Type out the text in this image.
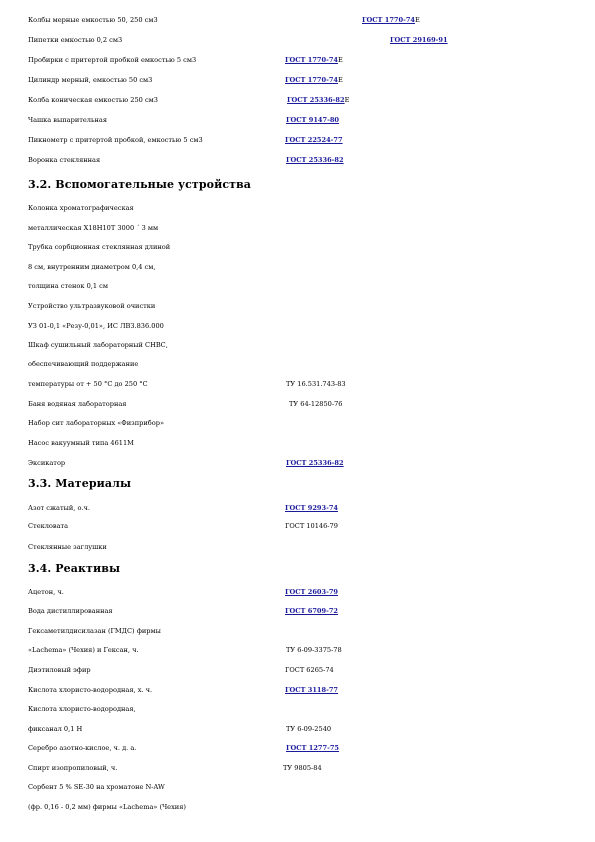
Колбы мерные емкостью 50, 250 см3	ГОСТ 1770-74Е
Пипетки емкостью 0,2 см3	ГОСТ 29169-91
Пробирки с притертой пробкой емкостью 5 см3	ГОСТ 1770-74Е
Цилиндр мерный, емкостью 50 см3	ГОСТ 1770-74Е
Колба коническая емкостью 250 см3	ГОСТ 25336-82Е
Чашка выпарительная	ГОСТ 9147-80
Пикнометр с притертой пробкой, емкостью 5 см3	ГОСТ 22524-77
Воронка стеклянная	ГОСТ 25336-82
3.2. Вспомогательные устройства
Колонка хроматографическая
металлическая Х18Н10Т 3000 ´ 3 мм
Трубка сорбционная стеклянная длиной
8 см, внутренним диаметром 0,4 см,
толщина стенок 0,1 см
Устройство ультразвуковой очистки
УЗ 01-0,1 «Резу-0,01», ИС ЛВЗ.836.000
Шкаф сушильный лабораторный СНВС,
обеспечивающий поддержание
температуры от + 50 °С до 250 °С	ТУ 16.531.743-83
Баня водяная лабораторная	ТУ 64-12850-76
Набор сит лабораторных «Физприбор»
Насос вакуумный типа 4611М
Эксикатор	ГОСТ 25336-82
3.3. Материалы
Азот сжатый, о.ч.	ГОСТ 9293-74
Стекловата	ГОСТ 10146-79
Стеклянные заглушки
3.4. Реактивы
Ацетон, ч.	ГОСТ 2603-79
Вода дистиллированная	ГОСТ 6709-72
Гексаметилдисилазан (ГМДС) фирмы
«Lachema» (Чехия) и Гексан, ч.	ТУ 6-09-3375-78
Диэтиловый эфир	ГОСТ 6265-74
Кислота хлористо-водородная, х. ч.	ГОСТ 3118-77
Кислота хлористо-водородная,
фиксанал 0,1 Н	ТУ 6-09-2540
Серебро азотно-кислое, ч. д. а.	ГОСТ 1277-75
Спирт изопропиловый, ч.	ТУ 9805-84
Сорбент 5 % SE-30 на хроматоне N-AW
(фр. 0,16 - 0,2 мм) фирмы «Lachema» (Чехия)
